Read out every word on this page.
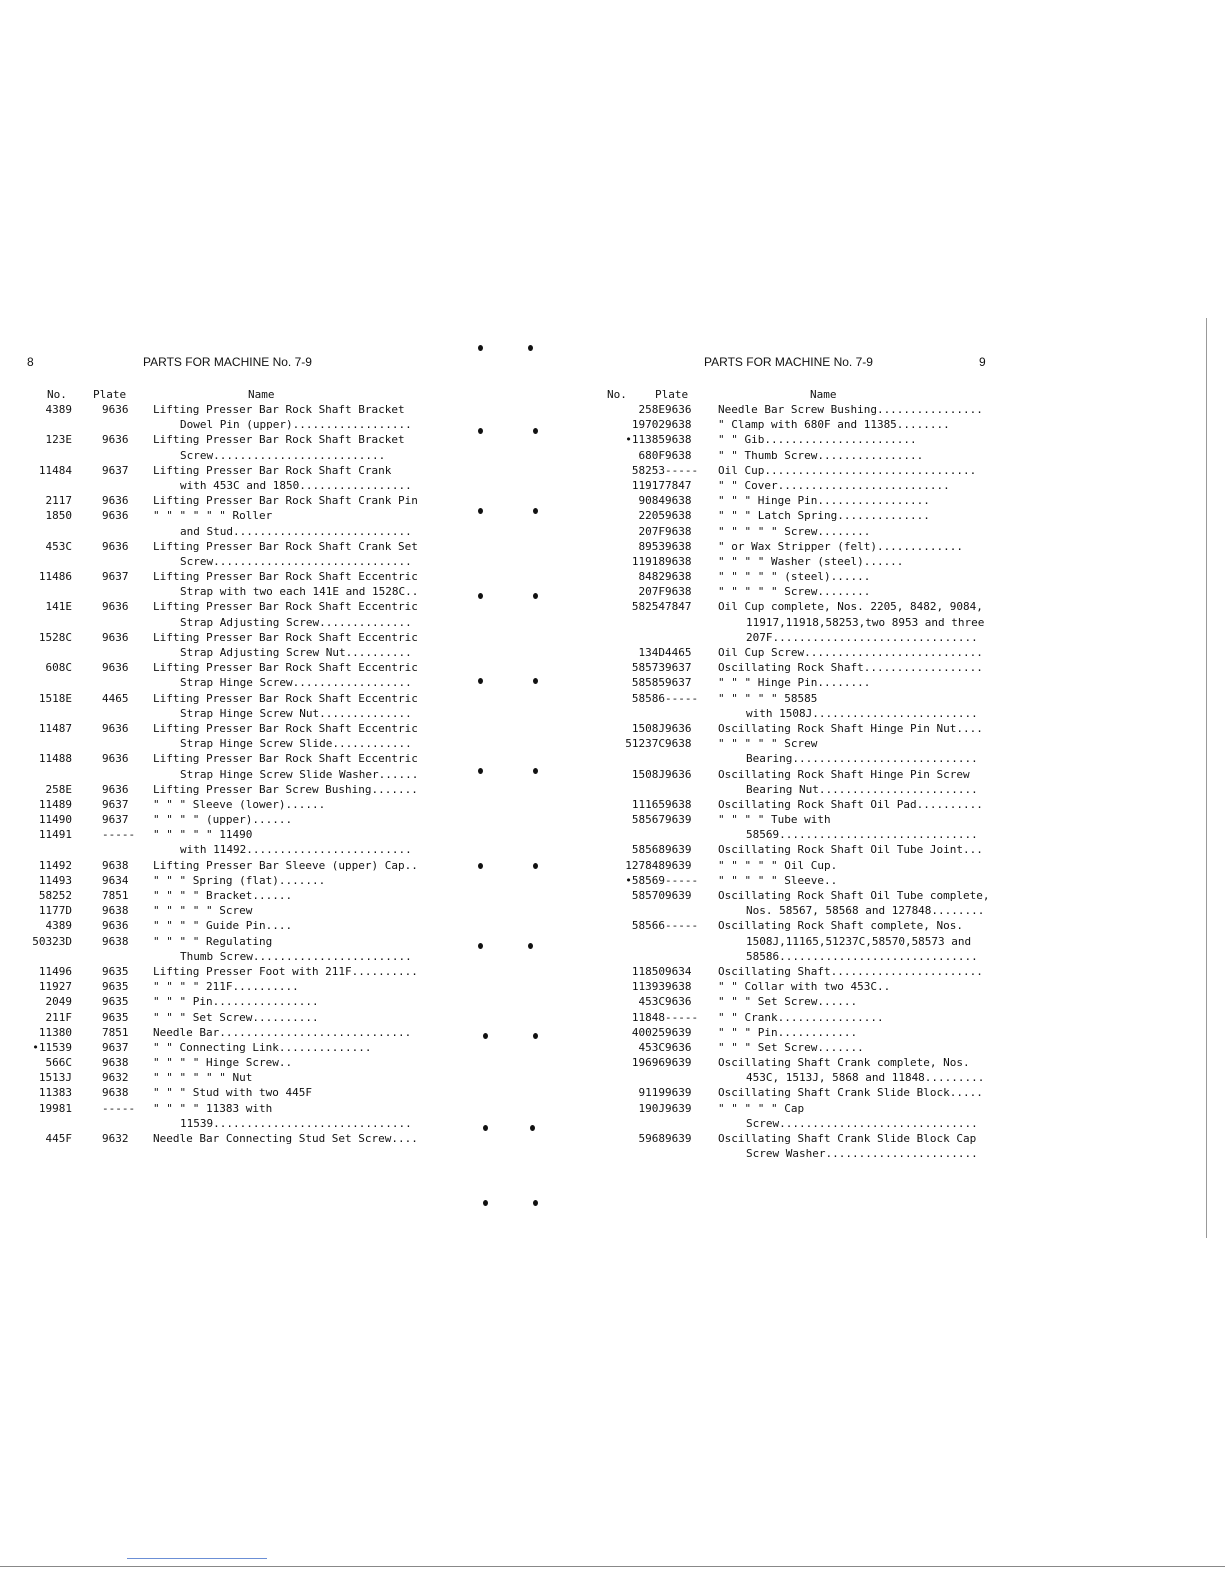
8	PARTS FOR MACHINE No. 7-9
No. Plate	Name
4389	9636 Lifting Presser Bar Rock Shaft Bracket
Dowel Pin (upper)..................
123E	9636 Lifting Presser Bar Rock Shaft Bracket
Screw..........................
11484	9637 Lifting Presser Bar Rock Shaft Crank
with 453C and 1850.................
2117	9636 Lifting Presser Bar Rock Shaft Crank Pin
1850	9636 " " " " " " Roller
and Stud...........................
453C	9636 Lifting Presser Bar Rock Shaft Crank Set
Screw..............................
11486	9637 Lifting Presser Bar Rock Shaft Eccentric
Strap with two each 141E and 1528C..
141E	9636 Lifting Presser Bar Rock Shaft Eccentric
Strap Adjusting Screw..............
1528C	9636 Lifting Presser Bar Rock Shaft Eccentric
Strap Adjusting Screw Nut..........
608C	9636 Lifting Presser Bar Rock Shaft Eccentric
Strap Hinge Screw..................
1518E	4465 Lifting Presser Bar Rock Shaft Eccentric
Strap Hinge Screw Nut..............
11487	9636 Lifting Presser Bar Rock Shaft Eccentric
Strap Hinge Screw Slide............
11488	9636 Lifting Presser Bar Rock Shaft Eccentric
Strap Hinge Screw Slide Washer......
258E	9636 Lifting Presser Bar Screw Bushing.......
11489	9637 " " " Sleeve (lower)......
11490	9637 " " " " (upper)......
11491	----- " " " " " 11490
with 11492.........................
11492	9638 Lifting Presser Bar Sleeve (upper) Cap..
11493	9634 " " " Spring (flat).......
58252	7851 " " " " Bracket......
1177D	9638 " " " " " Screw
4389	9636 " " " " Guide Pin....
50323D	9638 " " " " Regulating
Thumb Screw........................
11496	9635 Lifting Presser Foot with 211F..........
11927	9635 " " " " 211F..........
2049	9635 " " " Pin................
211F	9635 " " " Set Screw..........
11380	7851 Needle Bar.............................
•11539	9637 " " Connecting Link..............
566C	9638 " " " " Hinge Screw..
1513J	9632 " " " " " " Nut
11383	9638 " " " Stud with two 445F
19981	----- " " " " 11383 with
11539..............................
445F	9632 Needle Bar Connecting Stud Set Screw....
PARTS FOR MACHINE No. 7-9	9
No.	Plate	Name
258E 9636 Needle Bar Screw Bushing................
19702 9638 " Clamp with 680F and 11385........
•11385 9638 " " Gib.......................
680F 9638 " " Thumb Screw................
58253 ----- Oil Cup................................
11917 7847 " " Cover..........................
9084 9638 " " " Hinge Pin.................
2205 9638 " " " Latch Spring..............
207F 9638 " " " " " Screw........
8953 9638 " or Wax Stripper (felt).............
11918 9638 " " " " Washer (steel)......
8482 9638 " " " " " (steel)......
207F 9638 " " " " " Screw........
58254 7847 Oil Cup complete, Nos. 2205, 8482, 9084,
11917,11918,58253,two 8953 and three
207F...............................
134D 4465 Oil Cup Screw...........................
58573 9637 Oscillating Rock Shaft..................
58585 9637 " " " Hinge Pin........
58586 ----- " " " " " 58585
with 1508J.........................
1508J 9636 Oscillating Rock Shaft Hinge Pin Nut....
51237C 9638 " " " " " Screw
Bearing............................
1508J 9636 Oscillating Rock Shaft Hinge Pin Screw
Bearing Nut........................
11165 9638 Oscillating Rock Shaft Oil Pad..........
58567 9639 " " " " Tube with
58569..............................
58568 9639 Oscillating Rock Shaft Oil Tube Joint...
127848 9639 " " " " " Oil Cup.
•58569 ----- " " " " " Sleeve..
58570 9639 Oscillating Rock Shaft Oil Tube complete,
Nos. 58567, 58568 and 127848........
58566 ----- Oscillating Rock Shaft complete, Nos.
1508J,11165,51237C,58570,58573 and
58586..............................
11850 9634 Oscillating Shaft.......................
11393 9638 " " Collar with two 453C..
453C 9636 " " " Set Screw......
11848 ----- " " Crank................
40025 9639 " " " Pin............
453C 9636 " " " Set Screw.......
19696 9639 Oscillating Shaft Crank complete, Nos.
453C, 1513J, 5868 and 11848.........
9119 9639 Oscillating Shaft Crank Slide Block.....
190J 9639 " " " " " Cap
Screw..............................
5968 9639 Oscillating Shaft Crank Slide Block Cap
Screw Washer.......................
